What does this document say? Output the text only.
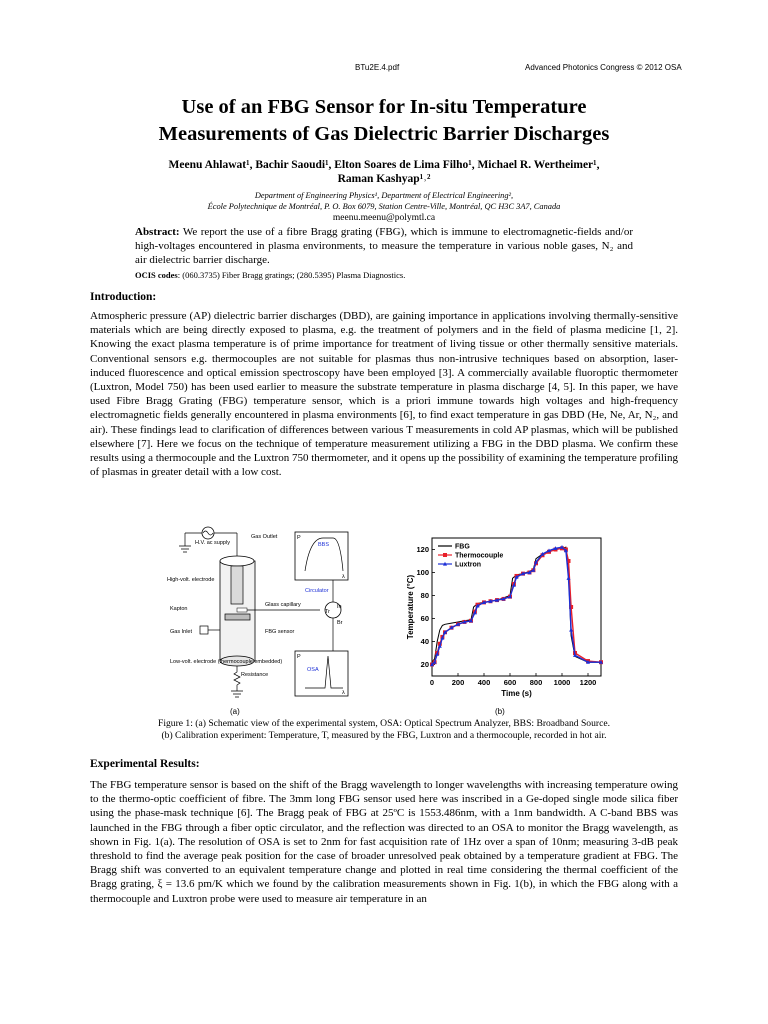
BTu2E.4.pdf	Advanced Photonics Congress © 2012 OSA
Use of an FBG Sensor for In-situ Temperature
Measurements of Gas Dielectric Barrier Discharges
Meenu Ahlawat¹, Bachir Saoudi¹, Elton Soares de Lima Filho¹, Michael R. Wertheimer¹,
Raman Kashyap¹˒²
Department of Engineering Physics¹, Department of Electrical Engineering²,
École Polytechnique de Montréal, P. O. Box 6079, Station Centre-Ville, Montréal, QC H3C 3A7, Canada
meenu.meenu@polymtl.ca
Abstract: We report the use of a fibre Bragg grating (FBG), which is immune to electromagnetic-fields and/or high-voltages encountered in plasma environments, to measure the temperature in various noble gases, N₂ and air dielectric barrier discharge.
OCIS codes: (060.3735) Fiber Bragg gratings; (280.5395) Plasma Diagnostics.
Introduction:
Atmospheric pressure (AP) dielectric barrier discharges (DBD), are gaining importance in applications involving thermally-sensitive materials which are being directly exposed to plasma, e.g. the treatment of polymers and in the field of plasma medicine [1, 2]. Knowing the exact plasma temperature is of prime importance for treatment of living tissue or other thermally sensitive materials. Conventional sensors e.g. thermocouples are not suitable for plasmas thus non-intrusive techniques based on absorption, laser-induced fluorescence and optical emission spectroscopy have been employed [3]. A commercially available fluoroptic thermometer (Luxtron, Model 750) has been used earlier to measure the substrate temperature in plasma discharge [4, 5]. In this paper, we have used Fibre Bragg Grating (FBG) temperature sensor, which is a priori immune towards high voltages and high-frequency electromagnetic fields generally encountered in plasma environments [6], to find exact temperature in gas DBD (He, Ne, Ar, N₂, and air). These findings lead to clarification of differences between various T measurements in cold AP plasmas, which will be published elsewhere [7]. Here we focus on the technique of temperature measurement utilizing a FBG in the DBD plasma. We confirm these results using a thermocouple and the Luxtron 750 thermometer, and it opens up the possibility of examining the temperature profiling of plasmas in greater detail with a low cost.
H.V. ac supply
Gas Outlet
High-volt. electrode
Kapton
Gas Inlet
Low-volt. electrode (thermocouple embedded)
Glass capillary
FBG sensor
Resistance
BBS
P
λ
Circulator
In
Tr
Br
OSA
P
λ
(a)
0 200 400 600 800 1000 1200
20
40
60
80
100
120
Time (s)
Temperature (°C)
FBG
Thermocouple
Luxtron
(b)
Figure 1: (a) Schematic view of the experimental system, OSA: Optical Spectrum Analyzer, BBS: Broadband Source.
(b) Calibration experiment: Temperature, T, measured by the FBG, Luxtron and a thermocouple, recorded in hot air.
Experimental Results:
The FBG temperature sensor is based on the shift of the Bragg wavelength to longer wavelengths with increasing temperature owing to the thermo-optic coefficient of fibre. The 3mm long FBG sensor used here was inscribed in a Ge-doped single mode silica fiber using the phase-mask technique [6]. The Bragg peak of FBG at 25ºC is 1553.486nm, with a 1nm bandwidth. A C-band BBS was launched in the FBG through a fiber optic circulator, and the reflection was directed to an OSA to monitor the Bragg wavelength, as shown in Fig. 1(a). The resolution of OSA is set to 2nm for fast acquisition rate of 1Hz over a span of 10nm; measuring 3-dB peak threshold to find the average peak position for the case of broader unresolved peak obtained by a temperature gradient at FBG. The Bragg shift was converted to an equivalent temperature change and plotted in real time considering the thermal coefficient of the Bragg grating, ξ = 13.6 pm/K which we found by the calibration measurements shown in Fig. 1(b), in which the FBG along with a thermocouple and Luxtron probe were used to measure air temperature in an
